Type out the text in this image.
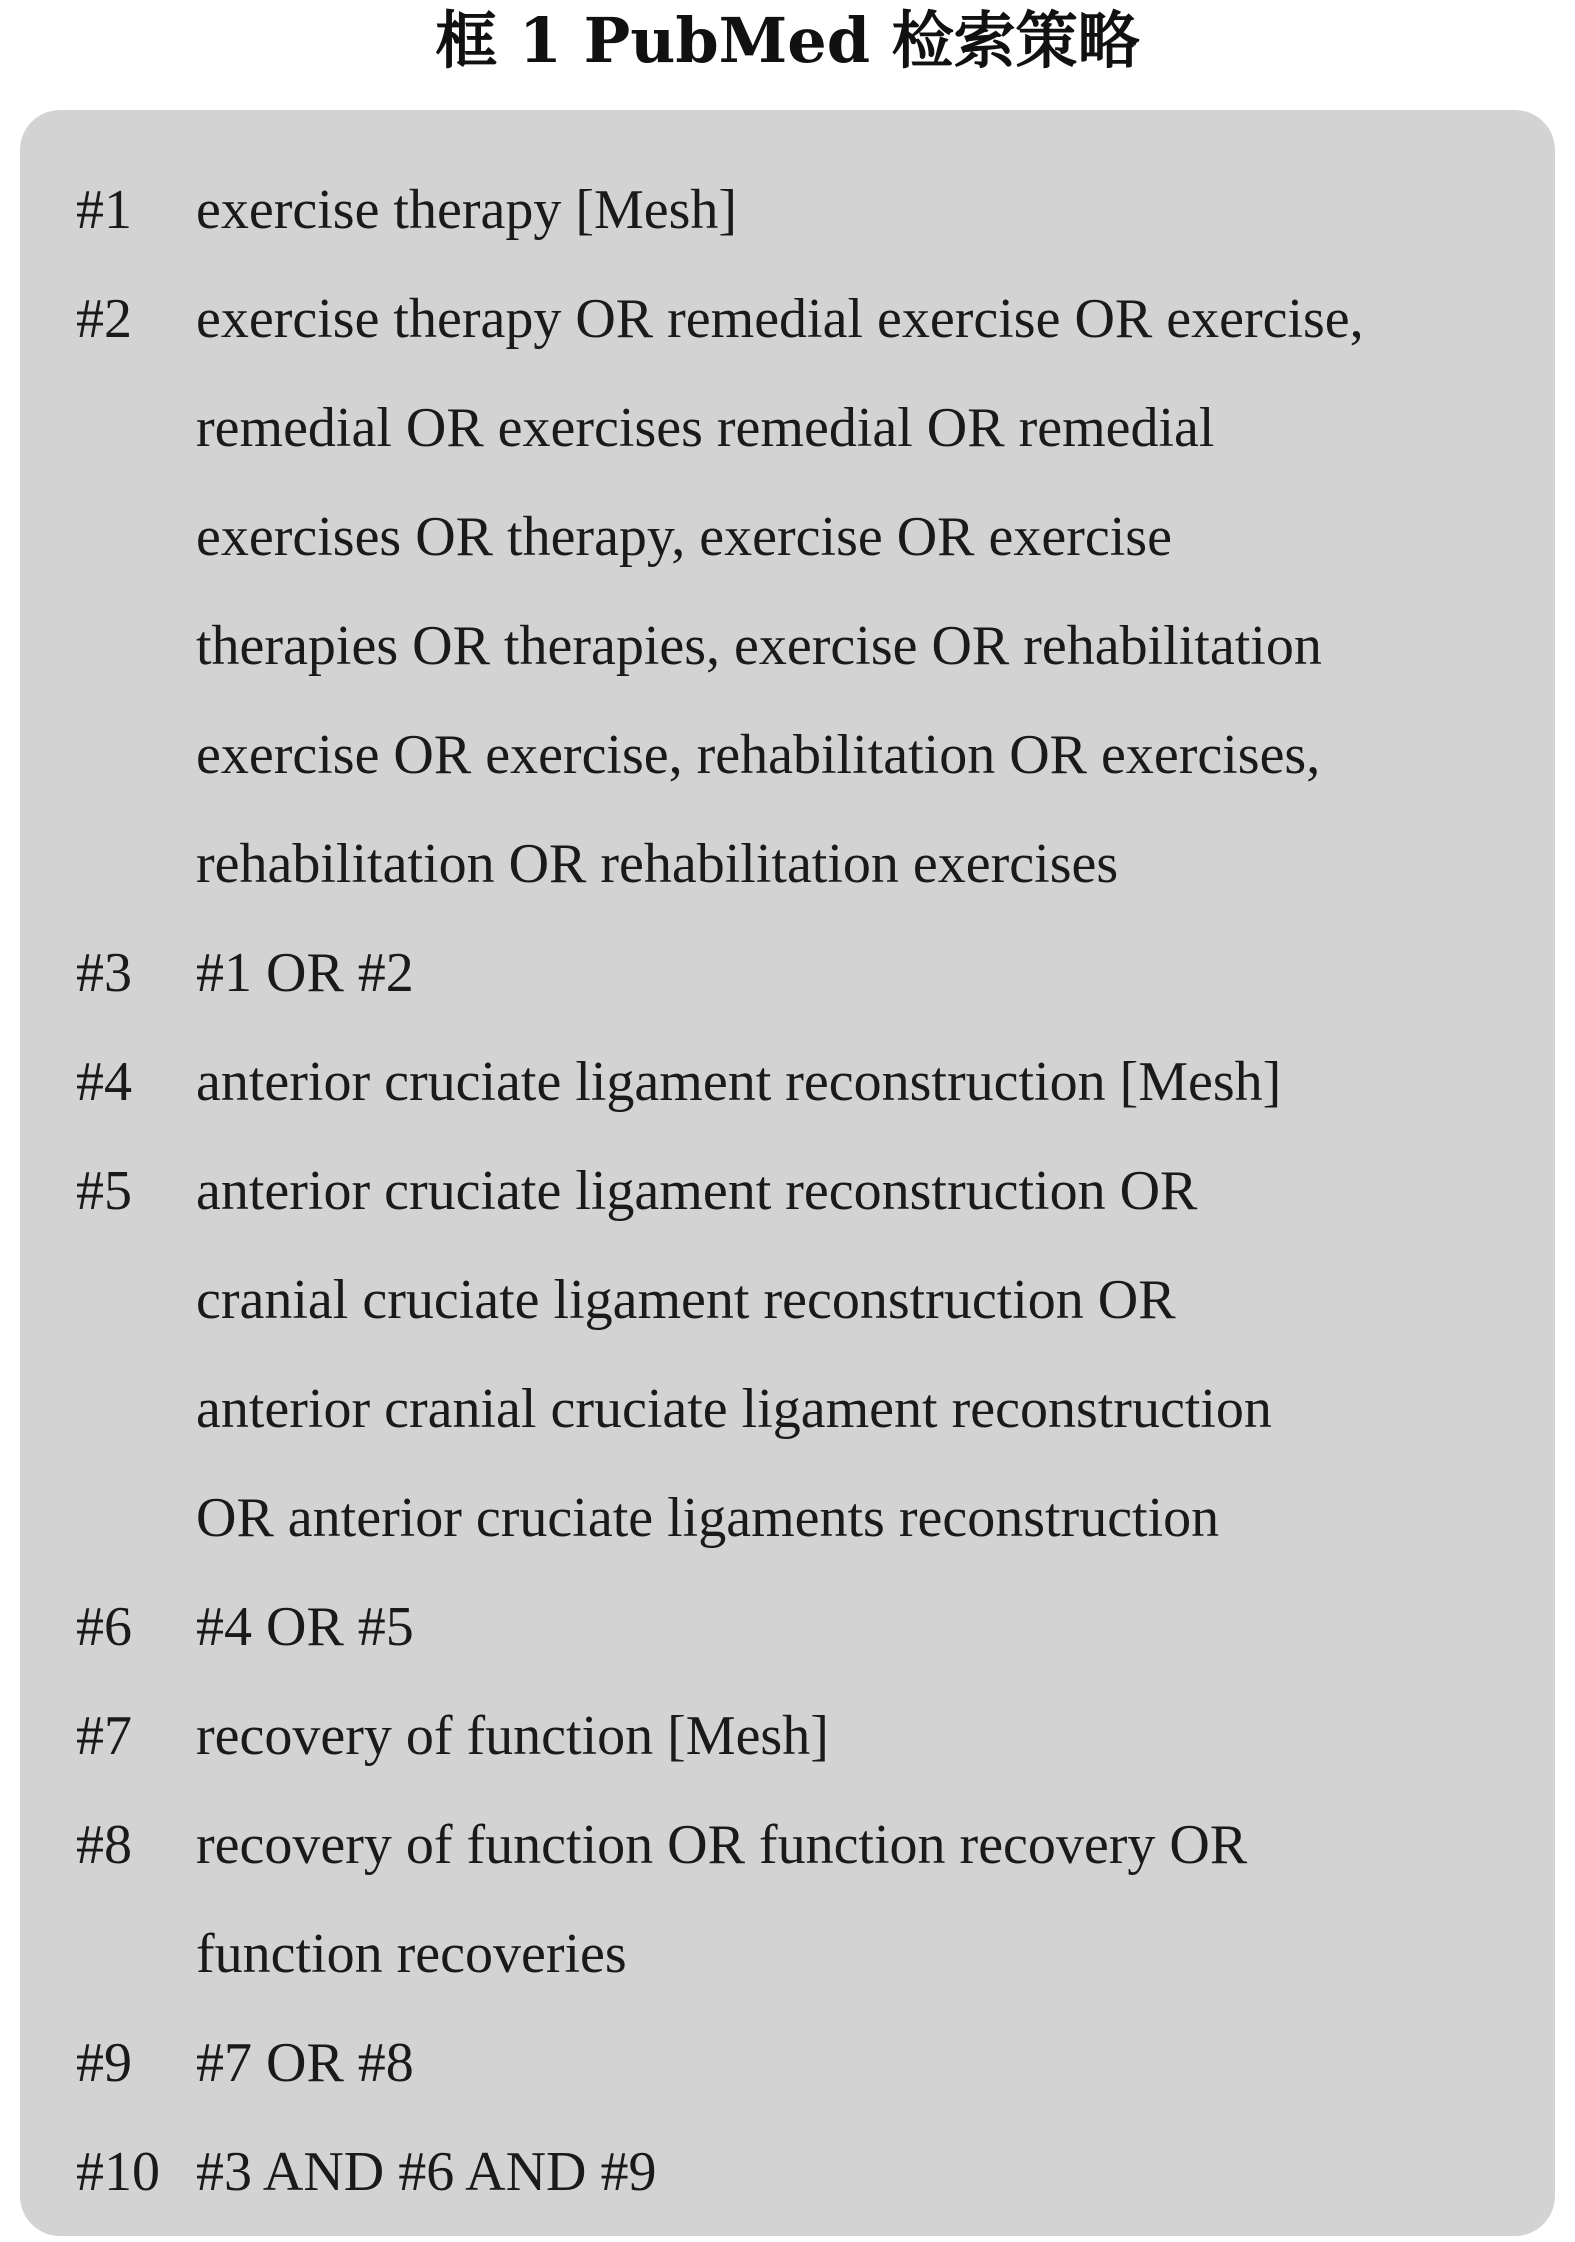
框 1 PubMed 检索策略
#1	exercise therapy [Mesh]
#2	exercise therapy OR remedial exercise OR exercise,
remedial OR exercises remedial OR remedial
exercises OR therapy, exercise OR exercise
therapies OR therapies, exercise OR rehabilitation
exercise OR exercise, rehabilitation OR exercises,
rehabilitation OR rehabilitation exercises
#3	#1 OR #2
#4	anterior cruciate ligament reconstruction [Mesh]
#5	anterior cruciate ligament reconstruction OR
cranial cruciate ligament reconstruction OR
anterior cranial cruciate ligament reconstruction
OR anterior cruciate ligaments reconstruction
#6	#4 OR #5
#7	recovery of function [Mesh]
#8	recovery of function OR function recovery OR
function recoveries
#9	#7 OR #8
#10 #3 AND #6 AND #9
